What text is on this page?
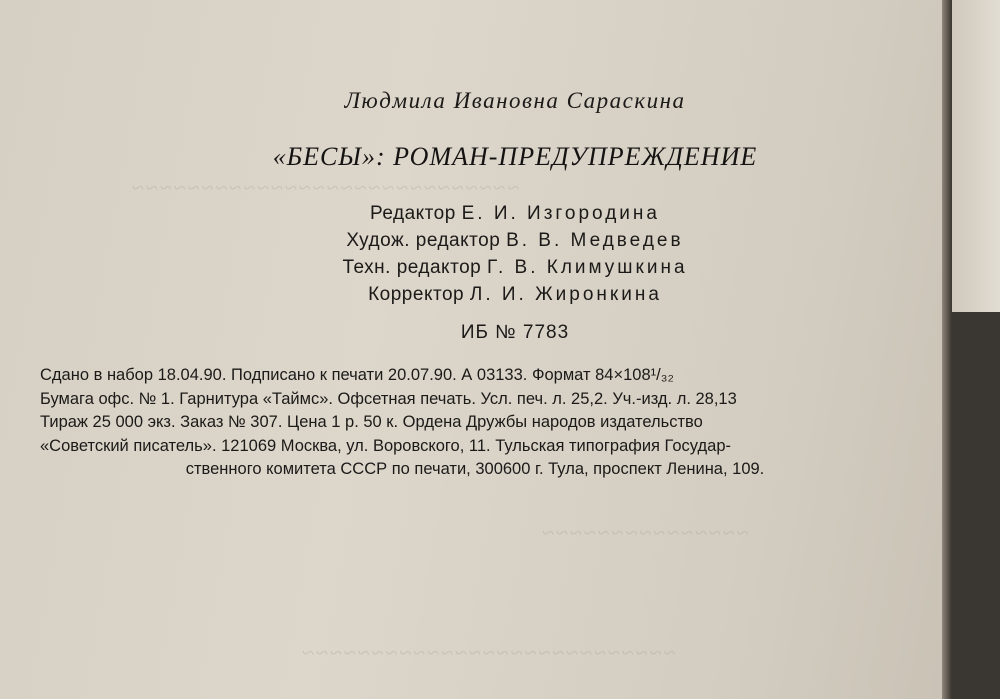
~~~~~~~~~~~~~~~~~~~~~~~~~~~~
~~~~~~~~~~~~~~~
~~~~~~~~~~~~~~~~~~~~~~~~~~~
Людмила Ивановна Сараскина
«БЕСЫ»: РОМАН-ПРЕДУПРЕЖДЕНИЕ
Редактор Е. И. Изгородина
Худож. редактор В. В. Медведев
Техн. редактор Г. В. Климушкина
Корректор Л. И. Жиронкина
ИБ № 7783
Сдано в набор 18.04.90. Подписано к печати 20.07.90. А 03133. Формат 84×108¹/₃₂
Бумага офс. № 1. Гарнитура «Таймс». Офсетная печать. Усл. печ. л. 25,2. Уч.-изд. л. 28,13
Тираж 25 000 экз. Заказ № 307. Цена 1 р. 50 к. Ордена Дружбы народов издательство
«Советский писатель». 121069 Москва, ул. Воровского, 11. Тульская типография Государ-
ственного комитета СССР по печати, 300600 г. Тула, проспект Ленина, 109.
